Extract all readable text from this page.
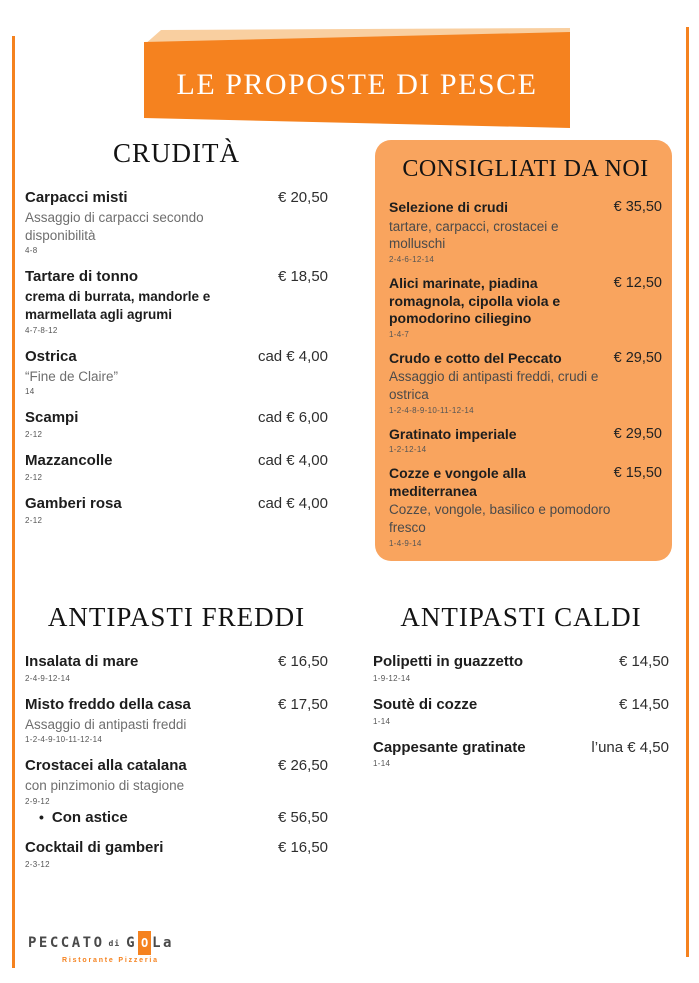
LE PROPOSTE DI PESCE
CRUDITÀ
Carpacci misti	€ 20,50
Assaggio di carpacci secondo disponibilità
4-8
Tartare di tonno	€ 18,50
crema di burrata, mandorle e marmellata agli agrumi
4-7-8-12
Ostrica	cad € 4,00
“Fine de Claire”
14
Scampi	cad € 6,00
2-12
Mazzancolle	cad € 4,00
2-12
Gamberi rosa	cad € 4,00
2-12
CONSIGLIATI DA NOI
Selezione di crudi	€ 35,50
tartare, carpacci, crostacei e molluschi
2-4-6-12-14
Alici marinate, piadina romagnola, cipolla viola e pomodorino ciliegino
€ 12,50
1-4-7
Crudo e cotto del Peccato	€ 29,50
Assaggio di antipasti freddi, crudi e ostrica
1-2-4-8-9-10-11-12-14
Gratinato imperiale	€ 29,50
1-2-12-14
Cozze e vongole alla mediterranea
€ 15,50
Cozze, vongole, basilico e pomodoro fresco
1-4-9-14
ANTIPASTI FREDDI
Insalata di mare	€ 16,50
2-4-9-12-14
Misto freddo della casa	€ 17,50
Assaggio di antipasti freddi
1-2-4-9-10-11-12-14
Crostacei alla catalana	€ 26,50
con pinzimonio di stagione
2-9-12
• Con astice	€ 56,50
Cocktail di gamberi	€ 16,50
2-3-12
ANTIPASTI CALDI
Polipetti in guazzetto	€ 14,50
1-9-12-14
Soutè di cozze	€ 14,50
1-14
Cappesante gratinate	l’una € 4,50
1-14
PECCATO di G O La
Ristorante Pizzeria
